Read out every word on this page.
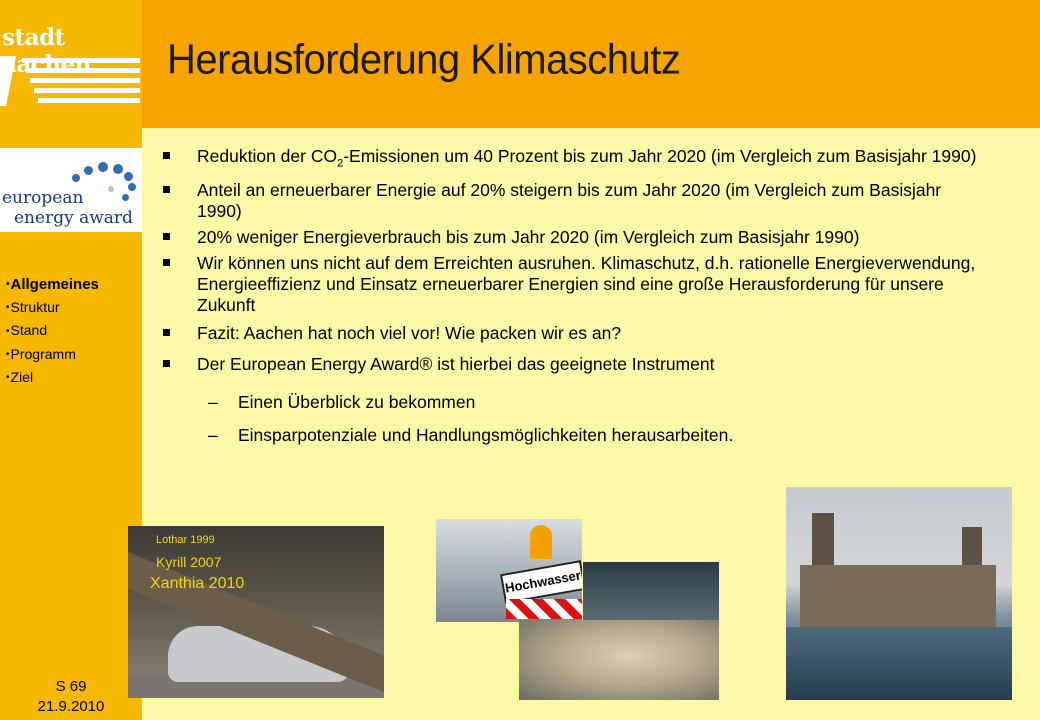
stadt aachen
european
energy award
•Allgemeines
•Struktur
•Stand
•Programm
•Ziel
Herausforderung Klimaschutz
Reduktion der $CO_2$-Emissionen um 40 Prozent bis zum Jahr 2020 (im Vergleich zum Basisjahr 1990)
Anteil an erneuerbarer Energie auf 20% steigern bis zum Jahr 2020 (im Vergleich zum Basisjahr 1990)
20% weniger Energieverbrauch bis zum Jahr 2020 (im Vergleich zum Basisjahr 1990)
Wir können uns nicht auf dem Erreichten ausruhen. Klimaschutz, d.h. rationelle Energieverwendung, Energieeffizienz und Einsatz erneuerbarer Energien sind eine große Herausforderung für unsere Zukunft
Fazit: Aachen hat noch viel vor! Wie packen wir es an?
Der European Energy Award® ist hierbei das geeignete Instrument
– Einen Überblick zu bekommen
– Einsparpotenziale und Handlungsmöglichkeiten herausarbeiten.
Lothar 1999
Kyrill 2007
Xanthia 2010	Hochwasser
S 69
21.9.2010
